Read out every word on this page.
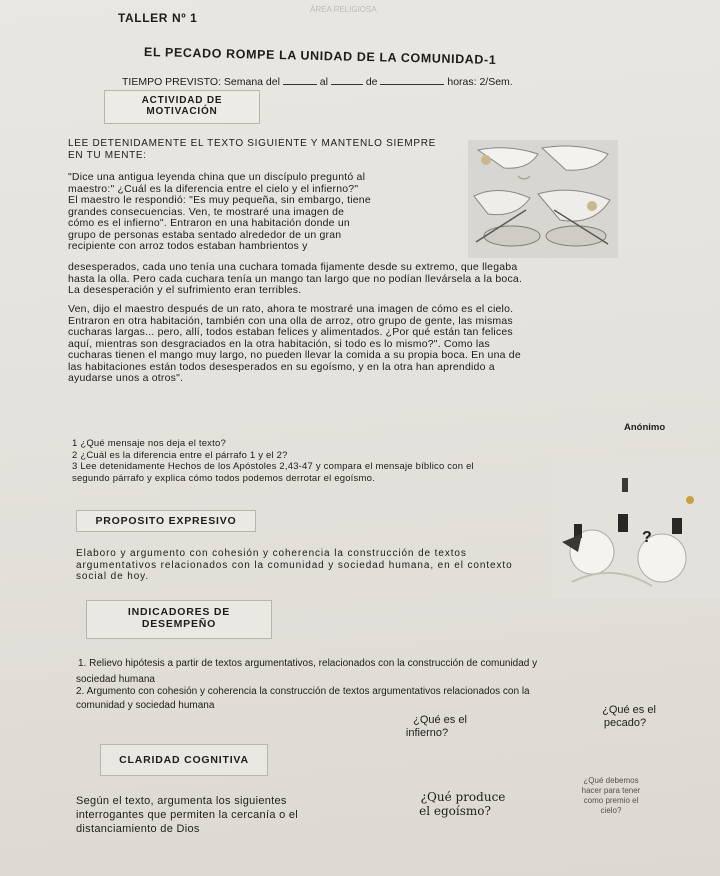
TALLER Nº 1
ÁREA RELIGIOSA
EL PECADO ROMPE LA UNIDAD DE LA COMUNIDAD-1
TIEMPO PREVISTO: Semana del	al	de	horas: 2/Sem.
ACTIVIDAD DE
MOTIVACIÓN
LEE DETENIDAMENTE EL TEXTO SIGUIENTE Y MANTENLO SIEMPRE
EN TU MENTE:
"Dice una antigua leyenda china que un discípulo preguntó al
maestro:" ¿Cuál es la diferencia entre el cielo y el infierno?"
El maestro le respondió: "Es muy pequeña, sin embargo, tiene
grandes consecuencias. Ven, te mostraré una imagen de
cómo es el infierno". Entraron en una habitación donde un
grupo de personas estaba sentado alrededor de un gran
recipiente con arroz todos estaban hambrientos y
desesperados, cada uno tenía una cuchara tomada fijamente desde su extremo, que llegaba
hasta la olla. Pero cada cuchara tenía un mango tan largo que no podían llevársela a la boca.
La desesperación y el sufrimiento eran terribles.
Ven, dijo el maestro después de un rato, ahora te mostraré una imagen de cómo es el cielo.
Entraron en otra habitación, también con una olla de arroz, otro grupo de gente, las mismas
cucharas largas... pero, allí, todos estaban felices y alimentados. ¿Por qué están tan felices
aquí, mientras son desgraciados en la otra habitación, si todo es lo mismo?". Como las
cucharas tienen el mango muy largo, no pueden llevar la comida a su propia boca. En una de
las habitaciones están todos desesperados en su egoísmo, y en la otra han aprendido a
ayudarse unos a otros".
Anónimo
1 ¿Qué mensaje nos deja el texto?
2 ¿Cuál es la diferencia entre el párrafo 1 y el 2?
3 Lee detenidamente Hechos de los Apóstoles 2,43-47 y compara el mensaje bíblico con el
segundo párrafo y explica cómo todos podemos derrotar el egoísmo.
?
PROPOSITO EXPRESIVO
Elaboro y argumento con cohesión y coherencia la construcción de textos
argumentativos relacionados con la comunidad y sociedad humana, en el contexto
social de hoy.
INDICADORES DE
DESEMPEÑO
1. Relievo hipótesis a partir de textos argumentativos, relacionados con la construcción de comunidad y
sociedad humana
2. Argumento con cohesión y coherencia la construcción de textos argumentativos relacionados con la
comunidad y sociedad humana
CLARIDAD COGNITIVA
¿Qué es el
infierno?
¿Qué es el
pecado?
Según el texto, argumenta los siguientes
interrogantes que permiten la cercanía o el
distanciamiento de Dios
¿Qué produce
el egoísmo?
¿Qué debemos
hacer para tener
como premio el
cielo?
